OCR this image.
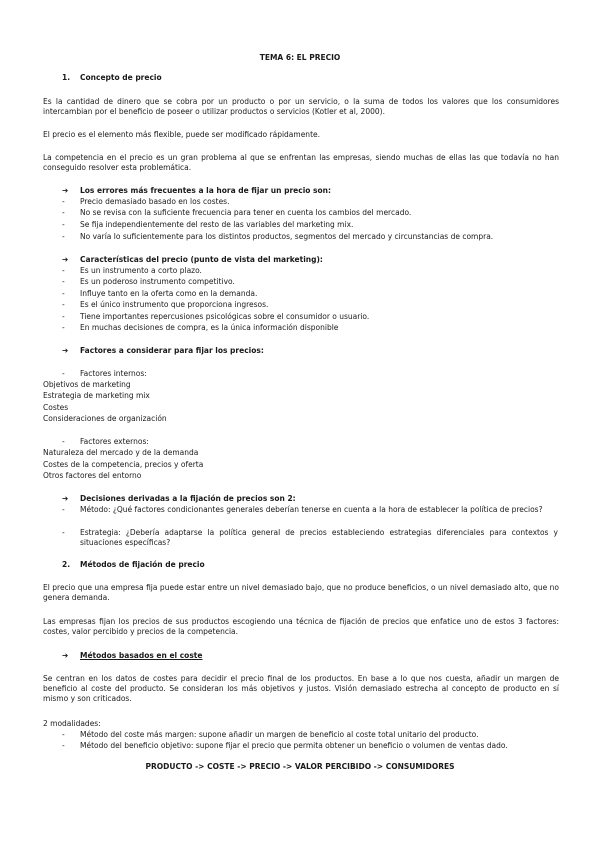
TEMA 6: EL PRECIO
1. Concepto de precio
Es la cantidad de dinero que se cobra por un producto o por un servicio, o la suma de todos los valores que los consumidores intercambian por el beneficio de poseer o utilizar productos o servicios (Kotler et al, 2000).
El precio es el elemento más flexible, puede ser modificado rápidamente.
La competencia en el precio es un gran problema al que se enfrentan las empresas, siendo muchas de ellas las que todavía no han conseguido resolver esta problemática.
➔ Los errores más frecuentes a la hora de fijar un precio son:
- Precio demasiado basado en los costes.
- No se revisa con la suficiente frecuencia para tener en cuenta los cambios del mercado.
- Se fija independientemente del resto de las variables del marketing mix.
- No varía lo suficientemente para los distintos productos, segmentos del mercado y circunstancias de compra.
➔ Características del precio (punto de vista del marketing):
- Es un instrumento a corto plazo.
- Es un poderoso instrumento competitivo.
- Influye tanto en la oferta como en la demanda.
- Es el único instrumento que proporciona ingresos.
- Tiene importantes repercusiones psicológicas sobre el consumidor o usuario.
- En muchas decisiones de compra, es la única información disponible
➔ Factores a considerar para fijar los precios:
- Factores internos:
Objetivos de marketing
Estrategia de marketing mix
Costes
Consideraciones de organización
- Factores externos:
Naturaleza del mercado y de la demanda
Costes de la competencia, precios y oferta
Otros factores del entorno
➔ Decisiones derivadas a la fijación de precios son 2:
- Método: ¿Qué factores condicionantes generales deberían tenerse en cuenta a la hora de establecer la política de precios?
- Estrategia: ¿Debería adaptarse la política general de precios estableciendo estrategias diferenciales para contextos y situaciones específicas?
2. Métodos de fijación de precio
El precio que una empresa fija puede estar entre un nivel demasiado bajo, que no produce beneficios, o un nivel demasiado alto, que no genera demanda.
Las empresas fijan los precios de sus productos escogiendo una técnica de fijación de precios que enfatice uno de estos 3 factores: costes, valor percibido y precios de la competencia.
➔ Métodos basados en el coste
Se centran en los datos de costes para decidir el precio final de los productos. En base a lo que nos cuesta, añadir un margen de beneficio al coste del producto. Se consideran los más objetivos y justos. Visión demasiado estrecha al concepto de producto en sí mismo y son criticados.
2 modalidades:
- Método del coste más margen: supone añadir un margen de beneficio al coste total unitario del producto.
- Método del beneficio objetivo: supone fijar el precio que permita obtener un beneficio o volumen de ventas dado.
PRODUCTO -> COSTE -> PRECIO -> VALOR PERCIBIDO -> CONSUMIDORES
